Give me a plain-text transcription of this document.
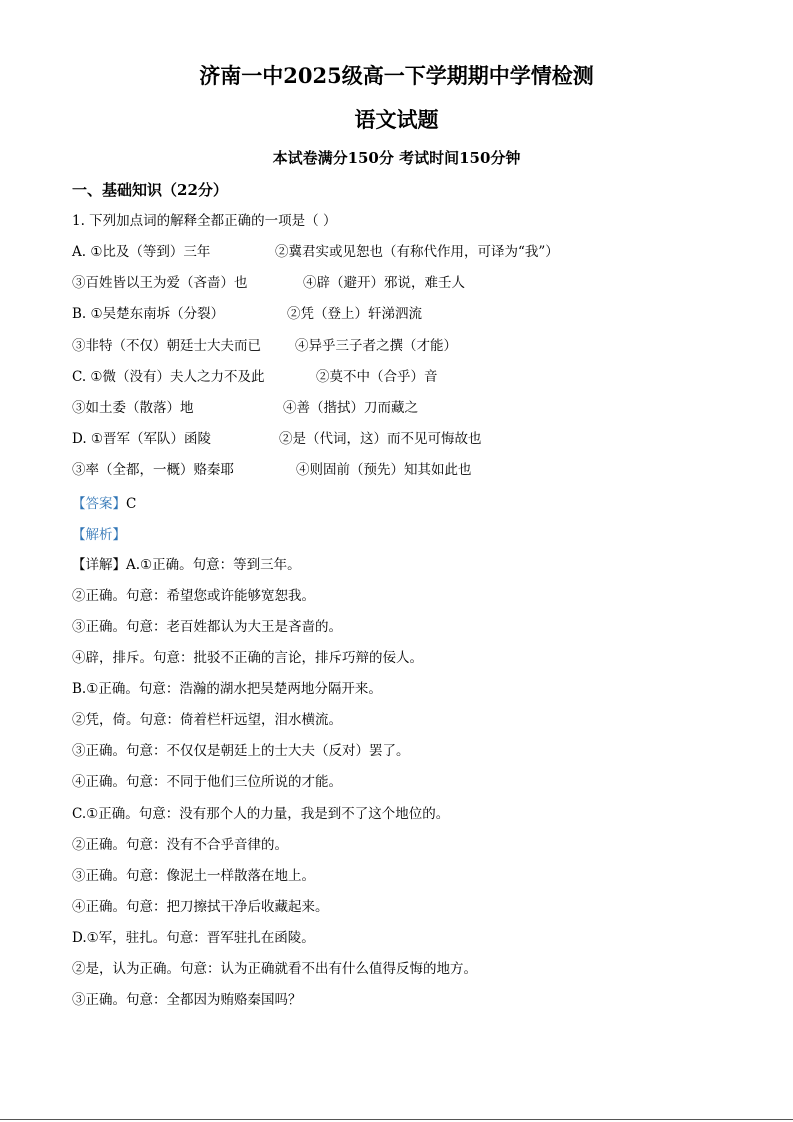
济南一中2025级高一下学期期中学情检测
语文试题
本试卷满分150分 考试时间150分钟
一、基础知识（22分）
1. 下列加点词的解释全都正确的一项是（ ）
A. ①比及（等到）三年	②冀君实或见恕也（有称代作用，可译为“我”）
③百姓皆以王为爱（吝啬）也	④辟（避开）邪说，难壬人
B. ①吴楚东南坼（分裂）	②凭（登上）轩涕泗流
③非特（不仅）朝廷士大夫而已	④异乎三子者之撰（才能）
C. ①微（没有）夫人之力不及此	②莫不中（合乎）音
③如土委（散落）地	④善（揩拭）刀而藏之
D. ①晋军（军队）函陵	②是（代词，这）而不见可悔故也
③率（全都，一概）赂秦耶	④则固前（预先）知其如此也
【答案】C
【解析】
【详解】A.①正确。句意：等到三年。
②正确。句意：希望您或许能够宽恕我。
③正确。句意：老百姓都认为大王是吝啬的。
④辟，排斥。句意：批驳不正确的言论，排斥巧辩的佞人。
B.①正确。句意：浩瀚的湖水把吴楚两地分隔开来。
②凭，倚。句意：倚着栏杆远望，泪水横流。
③正确。句意：不仅仅是朝廷上的士大夫（反对）罢了。
④正确。句意：不同于他们三位所说的才能。
C.①正确。句意：没有那个人的力量，我是到不了这个地位的。
②正确。句意：没有不合乎音律的。
③正确。句意：像泥土一样散落在地上。
④正确。句意：把刀擦拭干净后收藏起来。
D.①军，驻扎。句意：晋军驻扎在函陵。
②是，认为正确。句意：认为正确就看不出有什么值得反悔的地方。
③正确。句意：全都因为贿赂秦国吗？
